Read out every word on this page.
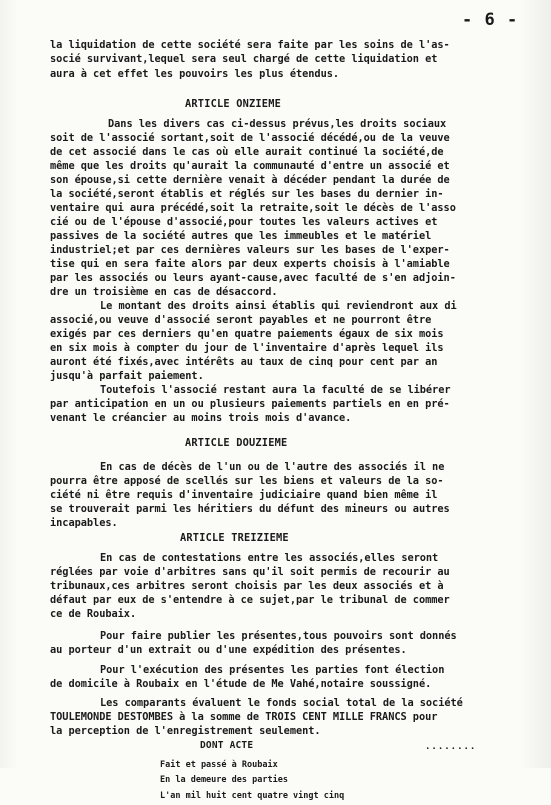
- 6 -
la liquidation de cette société sera faite par les soins de l'as-
socié survivant,lequel sera seul chargé de cette liquidation et
aura à cet effet les pouvoirs les plus étendus.
ARTICLE ONZIEME
Dans les divers cas ci-dessus prévus,les droits sociaux
soit de l'associé sortant,soit de l'associé décédé,ou de la veuve
de cet associé dans le cas où elle aurait continué la société,de
même que les droits qu'aurait la communauté d'entre un associé et
son épouse,si cette dernière venait à décéder pendant la durée de
la société,seront établis et réglés sur les bases du dernier in-
ventaire qui aura précédé,soit la retraite,soit le décès de l'asso
cié ou de l'épouse d'associé,pour toutes les valeurs actives et
passives de la société autres que les immeubles et le matériel
industriel;et par ces dernières valeurs sur les bases de l'exper-
tise qui en sera faite alors par deux experts choisis à l'amiable
par les associés ou leurs ayant-cause,avec faculté de s'en adjoin-
dre un troisième en cas de désaccord.
Le montant des droits ainsi établis qui reviendront aux di
associé,ou veuve d'associé seront payables et ne pourront être
exigés par ces derniers qu'en quatre paiements égaux de six mois
en six mois à compter du jour de l'inventaire d'après lequel ils
auront été fixés,avec intérêts au taux de cinq pour cent par an
jusqu'à parfait paiement.
Toutefois l'associé restant aura la faculté de se libérer
par anticipation en un ou plusieurs paiements partiels en en pré-
venant le créancier au moins trois mois d'avance.
ARTICLE DOUZIEME
En cas de décès de l'un ou de l'autre des associés il ne
pourra être apposé de scellés sur les biens et valeurs de la so-
ciété ni être requis d'inventaire judiciaire quand bien même il
se trouverait parmi les héritiers du défunt des mineurs ou autres
incapables.
ARTICLE TREIZIEME
En cas de contestations entre les associés,elles seront
réglées par voie d'arbitres sans qu'il soit permis de recourir au
tribunaux,ces arbitres seront choisis par les deux associés et à
défaut par eux de s'entendre à ce sujet,par le tribunal de commer
ce de Roubaix.
Pour faire publier les présentes,tous pouvoirs sont donnés
au porteur d'un extrait ou d'une expédition des présentes.
Pour l'exécution des présentes les parties font élection
de domicile à Roubaix en l'étude de Me Vahé,notaire soussigné.
Les comparants évaluent le fonds social total de la société
TOULEMONDE DESTOMBES à la somme de TROIS CENT MILLE FRANCS pour
la perception de l'enregistrement seulement.
DONT ACTE

Fait et passé à Roubaix

En la demeure des parties

L'an mil huit cent quatre vingt cinq

........
